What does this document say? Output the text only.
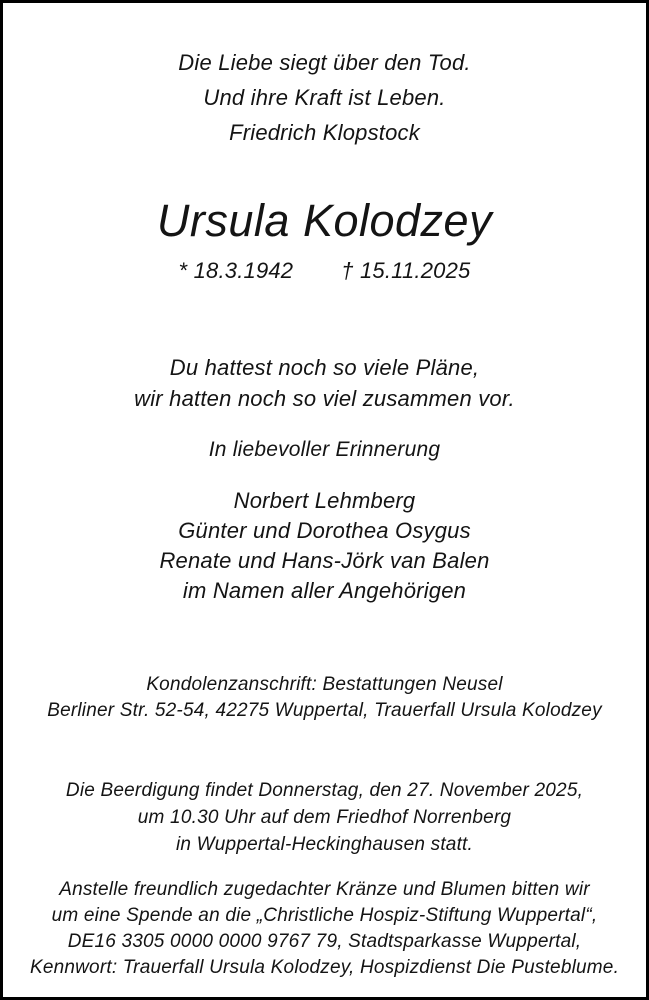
Die Liebe siegt über den Tod.

Und ihre Kraft ist Leben.

Friedrich Klopstock

Ursula Kolodzey

* 18.3.1942 † 15.11.2025

Du hattest noch so viele Pläne,

wir hatten noch so viel zusammen vor.

In liebevoller Erinnerung

Norbert Lehmberg

Günter und Dorothea Osygus

Renate und Hans-Jörk van Balen

im Namen aller Angehörigen

Kondolenzanschrift: Bestattungen Neusel

Berliner Str. 52-54, 42275 Wuppertal, Trauerfall Ursula Kolodzey

Die Beerdigung findet Donnerstag, den 27. November 2025,

um 10.30 Uhr auf dem Friedhof Norrenberg

in Wuppertal-Heckinghausen statt.

Anstelle freundlich zugedachter Kränze und Blumen bitten wir

um eine Spende an die „Christliche Hospiz-Stiftung Wuppertal“,

DE16 3305 0000 0000 9767 79, Stadtsparkasse Wuppertal,

Kennwort: Trauerfall Ursula Kolodzey, Hospizdienst Die Pusteblume.
